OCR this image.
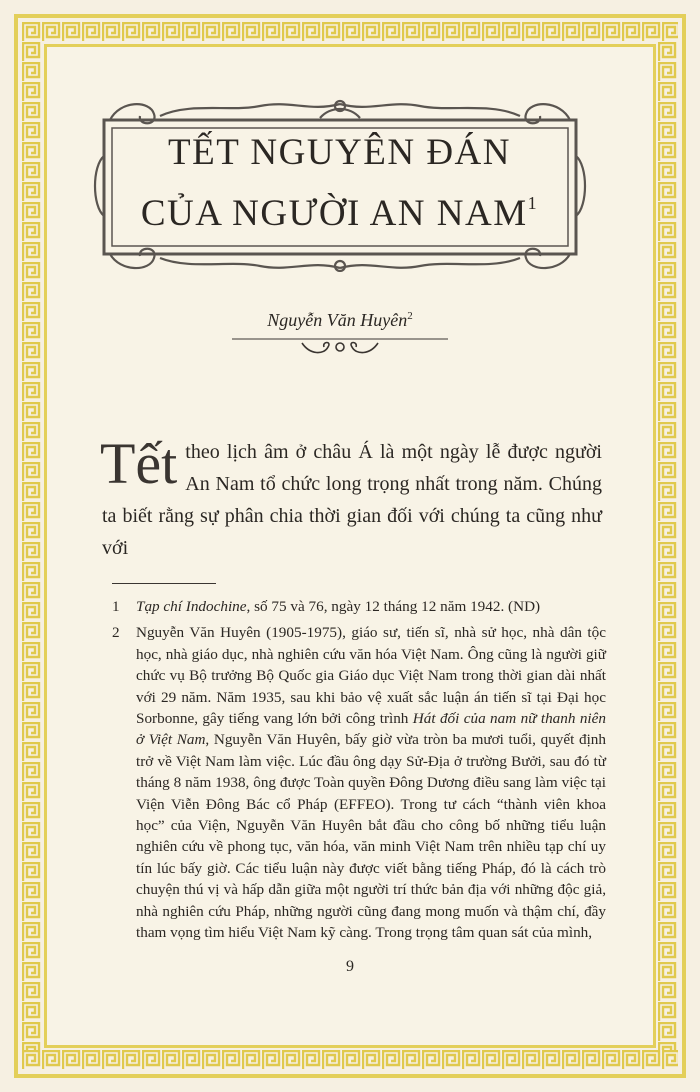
TẾT NGUYÊN ĐÁN

CỦA NGƯỜI AN NAM$^1$

Nguyễn Văn Huyên$^2$

Tết theo lịch âm ở châu Á là một ngày lễ được người An Nam tổ chức long trọng nhất trong năm. Chúng ta biết rằng sự phân chia thời gian đối với chúng ta cũng như với

1	Tạp chí Indochine, số 75 và 76, ngày 12 tháng 12 năm 1942. (ND)
2	Nguyễn Văn Huyên (1905-1975), giáo sư, tiến sĩ, nhà sử học, nhà dân tộc học, nhà giáo dục, nhà nghiên cứu văn hóa Việt Nam. Ông cũng là người giữ chức vụ Bộ trưởng Bộ Quốc gia Giáo dục Việt Nam trong thời gian dài nhất với 29 năm. Năm 1935, sau khi bảo vệ xuất sắc luận án tiến sĩ tại Đại học Sorbonne, gây tiếng vang lớn bởi công trình Hát đối của nam nữ thanh niên ở Việt Nam, Nguyễn Văn Huyên, bấy giờ vừa tròn ba mươi tuổi, quyết định trở về Việt Nam làm việc. Lúc đầu ông dạy Sử-Địa ở trường Bưởi, sau đó từ tháng 8 năm 1938, ông được Toàn quyền Đông Dương điều sang làm việc tại Viện Viễn Đông Bác cổ Pháp (EFFEO). Trong tư cách “thành viên khoa học” của Viện, Nguyễn Văn Huyên bắt đầu cho công bố những tiểu luận nghiên cứu về phong tục, văn hóa, văn minh Việt Nam trên nhiều tạp chí uy tín lúc bấy giờ. Các tiểu luận này được viết bằng tiếng Pháp, đó là cách trò chuyện thú vị và hấp dẫn giữa một người trí thức bản địa với những độc giả, nhà nghiên cứu Pháp, những người cũng đang mong muốn và thậm chí, đầy tham vọng tìm hiểu Việt Nam kỹ càng. Trong trọng tâm quan sát của mình,
9
